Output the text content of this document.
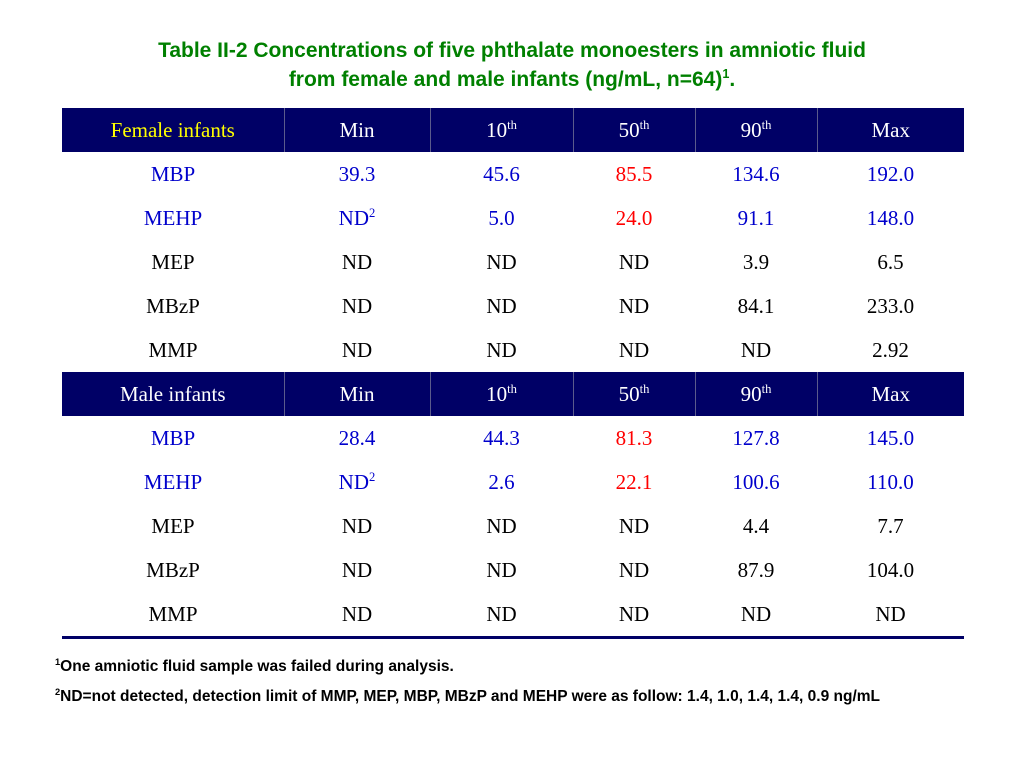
Table II-2 Concentrations of five phthalate monoesters in amniotic fluid
from female and male infants (ng/mL, n=64)$^1$.
Female infants	Min	10th	50th	90th	Max
MBP	39.3	45.6	85.5	134.6	192.0
MEHP	$ND^2$	5.0	24.0	91.1	148.0
MEP	ND	ND	ND	3.9	6.5
MBzP	ND	ND	ND	84.1	233.0
MMP	ND	ND	ND	ND	2.92
Male infants	Min	10th	50th	90th	Max
MBP	28.4	44.3	81.3	127.8	145.0
MEHP	$ND^2$	2.6	22.1	100.6	110.0
MEP	ND	ND	ND	4.4	7.7
MBzP	ND	ND	ND	87.9	104.0
MMP	ND	ND	ND	ND	ND

$^1$One amniotic fluid sample was failed during analysis.

$^2$ND=not detected, detection limit of MMP, MEP, MBP, MBzP and MEHP were as follow: 1.4, 1.0, 1.4, 1.4, 0.9 ng/mL
